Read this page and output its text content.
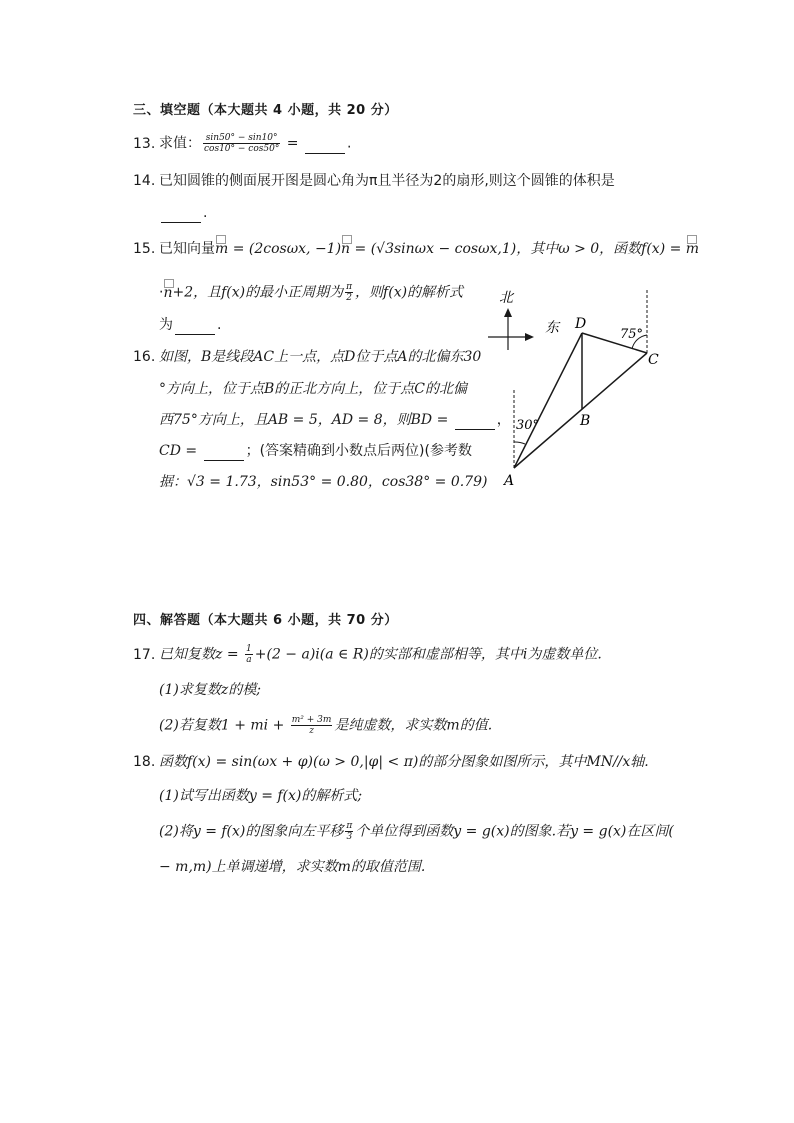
三、填空题（本大题共 4 小题，共 20 分）
13. 求值： $\frac{\sin 50^\circ - \sin 10^\circ}{\cos 10^\circ - \cos 50^\circ}$ =	.
14. 已知圆锥的侧面展开图是圆心角为π且半径为2的扇形,则这个圆锥的体积是
.
15. 已知向量
m = (2cosωx, −1)
n = (√3sinωx − cosωx,1)，其中ω > 0，函数f(x) =
m
·
n+2，且f(x)的最小正周期为 $\frac{\pi}{2}$ ，则f(x)的解析式
为	.
16. 如图，B是线段AC上一点，点D位于点A的北偏东30
°方向上，位于点B的正北方向上，位于点C的北偏
西75°方向上，且AB = 5，AD = 8，则BD =	，
CD =	；(答案精确到小数点后两位)(参考数
据：√3 = 1.73，sin53° = 0.80，cos38° = 0.79)
北
东
A
B
C
D
30°
75°
四、解答题（本大题共 6 小题，共 70 分）
17. 已知复数$z = \frac{1}{a} +(2 - a)i(a$ ∈ R)的实部和虚部相等，其中i为虚数单位.
(1)求复数z的模;
(2)若复数1 + mi + $\frac{\text{m² + 3m}}{z}$ 是纯虚数，求实数m的值.
18. 函数f(x) = sin(ωx + φ)(ω > 0,|φ| < π)的部分图象如图所示，其中MN//x轴.
(1)试写出函数y = f(x)的解析式;
(2)将y = f(x)的图象向左平移 $\frac{\pi}{3}$ 个单位得到函数y = g(x)的图象.若y = g(x)在区间(
− m,m)上单调递增，求实数m的取值范围.
